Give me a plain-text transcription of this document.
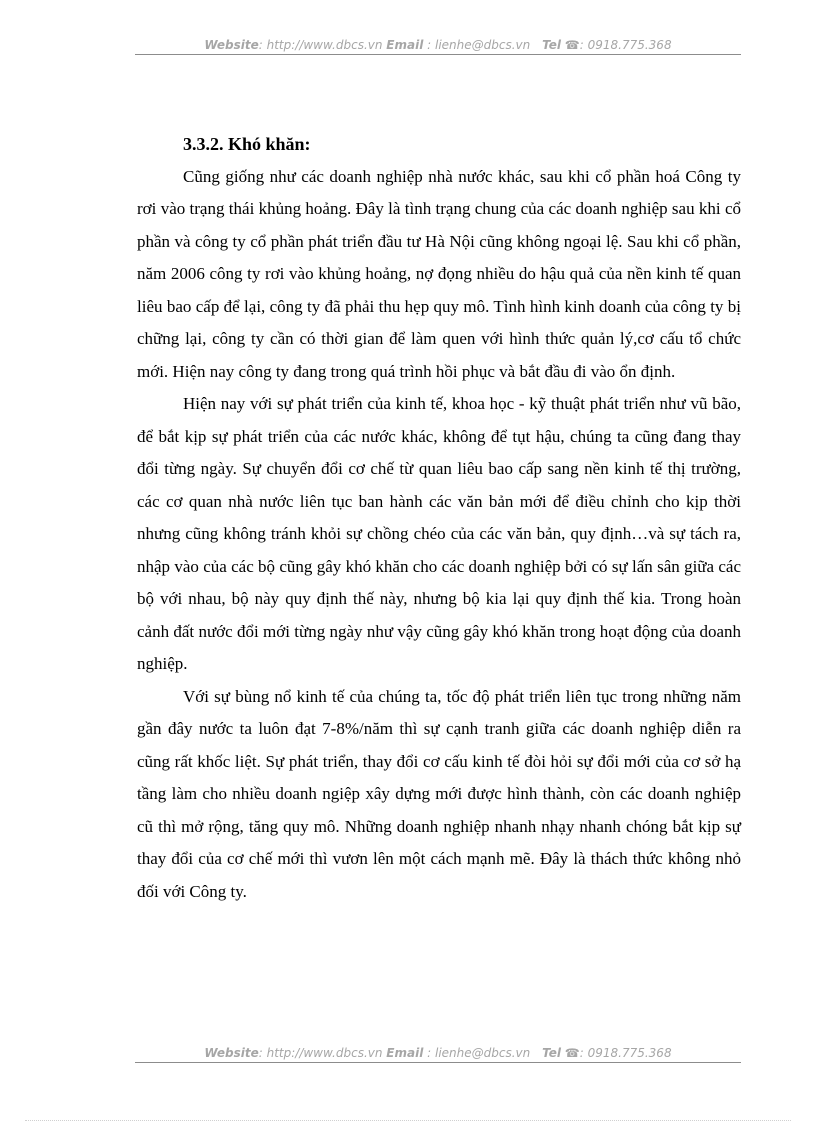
Website: http://www.dbcs.vn Email : lienhe@dbcs.vn Tel ☎: 0918.775.368

3.3.2. Khó khăn:

Cũng giống như các doanh nghiệp nhà nước khác, sau khi cổ phần hoá Công ty rơi vào trạng thái khủng hoảng. Đây là tình trạng chung của các doanh nghiệp sau khi cổ phần và công ty cổ phần phát triển đầu tư Hà Nội cũng không ngoại lệ. Sau khi cổ phần, năm 2006 công ty rơi vào khủng hoảng, nợ đọng nhiều do hậu quả của nền kinh tế quan liêu bao cấp để lại, công ty đã phải thu hẹp quy mô. Tình hình kinh doanh của công ty bị chững lại, công ty cần có thời gian để làm quen với hình thức quản lý,cơ cấu tổ chức mới. Hiện nay công ty đang trong quá trình hồi phục và bắt đầu đi vào ổn định.

Hiện nay với sự phát triển của kinh tế, khoa học - kỹ thuật phát triển như vũ bão, để bắt kịp sự phát triển của các nước khác, không để tụt hậu, chúng ta cũng đang thay đổi từng ngày. Sự chuyển đổi cơ chế từ quan liêu bao cấp sang nền kinh tế thị trường, các cơ quan nhà nước liên tục ban hành các văn bản mới để điều chỉnh cho kịp thời nhưng cũng không tránh khỏi sự chồng chéo của các văn bản, quy định…và sự tách ra, nhập vào của các bộ cũng gây khó khăn cho các doanh nghiệp bởi có sự lấn sân giữa các bộ với nhau, bộ này quy định thế này, nhưng bộ kia lại quy định thế kia. Trong hoàn cảnh đất nước đổi mới từng ngày như vậy cũng gây khó khăn trong hoạt động của doanh nghiệp.

Với sự bùng nổ kinh tế của chúng ta, tốc độ phát triển liên tục trong những năm gần đây nước ta luôn đạt 7-8%/năm thì sự cạnh tranh giữa các doanh nghiệp diễn ra cũng rất khốc liệt. Sự phát triển, thay đổi cơ cấu kinh tế đòi hỏi sự đổi mới của cơ sở hạ tầng làm cho nhiều doanh ngiệp xây dựng mới được hình thành, còn các doanh nghiệp cũ thì mở rộng, tăng quy mô. Những doanh nghiệp nhanh nhạy nhanh chóng bắt kịp sự thay đổi của cơ chế mới thì vươn lên một cách mạnh mẽ. Đây là thách thức không nhỏ đối với Công ty.

Website: http://www.dbcs.vn Email : lienhe@dbcs.vn Tel ☎: 0918.775.368
